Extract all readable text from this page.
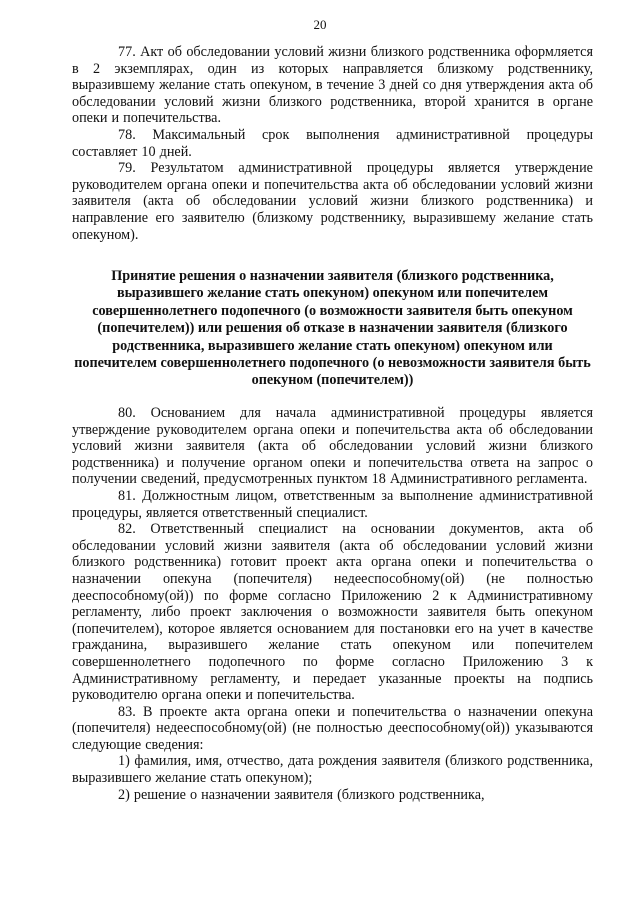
20

77. Акт об обследовании условий жизни близкого родственника оформляется в 2 экземплярах, один из которых направляется близкому родственнику, выразившему желание стать опекуном, в течение 3 дней со дня утверждения акта об обследовании условий жизни близкого родственника, второй хранится в органе опеки и попечительства.

78. Максимальный срок выполнения административной процедуры составляет 10 дней.

79. Результатом административной процедуры является утверждение руководителем органа опеки и попечительства акта об обследовании условий жизни заявителя (акта об обследовании условий жизни близкого родственника) и направление его заявителю (близкому родственнику, выразившему желание стать опекуном).

Принятие решения о назначении заявителя (близкого родственника, выразившего желание стать опекуном) опекуном или попечителем совершеннолетнего подопечного (о возможности заявителя быть опекуном (попечителем)) или решения об отказе в назначении заявителя (близкого родственника, выразившего желание стать опекуном) опекуном или попечителем совершеннолетнего подопечного (о невозможности заявителя быть опекуном (попечителем))

80. Основанием для начала административной процедуры является утверждение руководителем органа опеки и попечительства акта об обследовании условий жизни заявителя (акта об обследовании условий жизни близкого родственника) и получение органом опеки и попечительства ответа на запрос о получении сведений, предусмотренных пунктом 18 Административного регламента.

81. Должностным лицом, ответственным за выполнение административной процедуры, является ответственный специалист.

82. Ответственный специалист на основании документов, акта об обследовании условий жизни заявителя (акта об обследовании условий жизни близкого родственника) готовит проект акта органа опеки и попечительства о назначении опекуна (попечителя) недееспособному(ой) (не полностью дееспособному(ой)) по форме согласно Приложению 2 к Административному регламенту, либо проект заключения о возможности заявителя быть опекуном (попечителем), которое является основанием для постановки его на учет в качестве гражданина, выразившего желание стать опекуном или попечителем совершеннолетнего подопечного по форме согласно Приложению 3 к Административному регламенту, и передает указанные проекты на подпись руководителю органа опеки и попечительства.

83. В проекте акта органа опеки и попечительства о назначении опекуна (попечителя) недееспособному(ой) (не полностью дееспособному(ой)) указываются следующие сведения:

1) фамилия, имя, отчество, дата рождения заявителя (близкого родственника, выразившего желание стать опекуном);

2) решение о назначении заявителя (близкого родственника,
